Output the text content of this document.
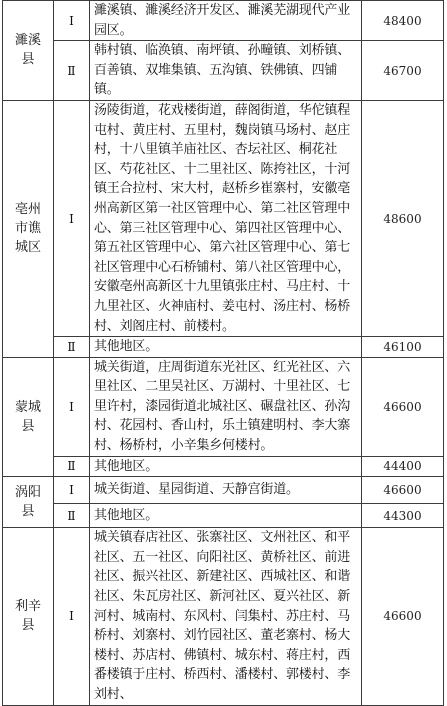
濉溪县	Ⅰ	濉溪镇、濉溪经济开发区、濉溪芜湖现代产业园区。	48400
	Ⅱ	韩村镇、临涣镇、南坪镇、孙疃镇、刘桥镇、百善镇、双堆集镇、五沟镇、铁佛镇、四铺镇。	46700
亳州市谯城区	Ⅰ	汤陵街道，花戏楼街道，薛阁街道，华佗镇程屯村、黄庄村、五里村，魏岗镇马场村、赵庄村，十八里镇羊庙社区、杏坛社区、桐花社区、芍花社区、十二里社区、陈挎社区，十河镇王合拉村、宋大村，赵桥乡崔寨村，安徽亳州高新区第一社区管理中心、第二社区管理中心、第三社区管理中心、第四社区管理中心、第五社区管理中心、第六社区管理中心、第七社区管理中心石桥铺村、第八社区管理中心，安徽亳州高新区十九里镇张庄村、马庄村、十九里社区、火神庙村、姜屯村、汤庄村、杨桥村、刘阁庄村、前楼村。	48600
	Ⅱ	其他地区。	46100
蒙城县	Ⅰ	城关街道，庄周街道东光社区、红光社区、六里社区、二里吴社区、万湖村、十里社区、七里许村，漆园街道北城社区、碾盘社区、孙沟村、花园村、香山村，乐土镇建明村、李大寨村、杨桥村，小辛集乡何楼村。	46600
	Ⅱ	其他地区。	44400
涡阳县	Ⅰ	城关街道、星园街道、天静宫街道。	46600
	Ⅱ	其他地区。	44300
利辛县	Ⅰ	城关镇春店社区、张寨社区、文州社区、和平社区、五一社区、向阳社区、黄桥社区、前进社区、振兴社区、新建社区、西城社区、和谐社区、朱瓦房社区、新河社区、夏兴社区、新河村、城南村、东风村、闫集村、苏庄村、马桥村、刘寨村、刘竹园社区、董老寨村、杨大楼村、苏店村、佛镇村、城东村、蒋庄村，西番楼镇于庄村、桥西村、潘楼村、郭楼村、李刘村、	46600
